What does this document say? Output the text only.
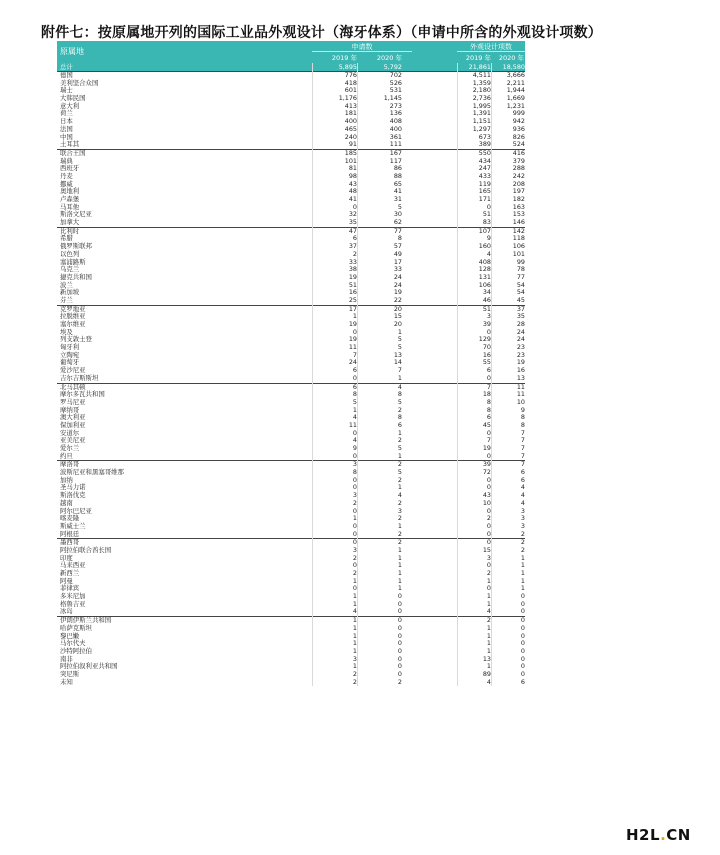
附件七：按原属地开列的国际工业品外观设计（海牙体系）（申请中所含的外观设计项数）
原属地	申请数	外观设计项数
2019 年	2020 年	2019 年	2020 年
总计	5,895	5,792	21,861	18,580
德国	776	702	4,511	3,666
美利坚合众国	418	526	1,359	2,211
瑞士	601	531	2,180	1,944
大韩民国	1,176	1,145	2,736	1,669
意大利	413	273	1,995	1,231
荷兰	181	136	1,391	999
日本	400	408	1,151	942
法国	465	400	1,297	936
中国	240	361	673	826
土耳其	91	111	389	524
联合王国	185	167	550	416
瑞典	101	117	434	379
西班牙	81	86	247	288
丹麦	98	88	433	242
挪威	43	65	119	208
奥地利	48	41	165	197
卢森堡	41	31	171	182
马耳他	0	5	0	163
斯洛文尼亚	32	30	51	153
加拿大	35	62	83	146
比利时	47	77	107	142
希腊	6	8	9	118
俄罗斯联邦	37	57	160	106
以色列	2	49	4	101
塞浦路斯	33	17	408	99
乌克兰	38	33	128	78
捷克共和国	19	24	131	77
波兰	51	24	106	54
新加坡	16	19	34	54
芬兰	25	22	46	45
克罗地亚	17	20	51	37
拉脱维亚	1	15	3	35
塞尔维亚	19	20	39	28
埃及	0	1	0	24
列支敦士登	19	5	129	24
匈牙利	11	5	70	23
立陶宛	7	13	16	23
葡萄牙	24	14	55	19
爱沙尼亚	6	7	6	16
吉尔吉斯斯坦	0	1	0	13
北马其顿	6	4	7	11
摩尔多瓦共和国	8	8	18	11
罗马尼亚	5	5	8	10
摩纳哥	1	2	8	9
澳大利亚	4	8	6	8
保加利亚	11	6	45	8
安道尔	0	1	0	7
亚美尼亚	4	2	7	7
爱尔兰	9	5	19	7
约旦	0	1	0	7
摩洛哥	3	2	39	7
波斯尼亚和黑塞哥维那	8	5	72	6
加纳	0	2	0	6
圣马力诺	0	1	0	4
斯洛伐克	3	4	43	4
越南	2	2	10	4
阿尔巴尼亚	0	3	0	3
喀麦隆	1	2	2	3
斯威士兰	0	1	0	3
阿根廷	0	2	0	2
墨西哥	0	2	0	2
阿拉伯联合酋长国	3	1	15	2
印度	2	1	3	1
马来西亚	0	1	0	1
新西兰	2	1	2	1
阿曼	1	1	1	1
菲律宾	0	1	0	1
多米尼加	1	0	1	0
格鲁吉亚	1	0	1	0
冰岛	4	0	4	0
伊朗伊斯兰共和国	1	0	2	0
哈萨克斯坦	1	0	1	0
黎巴嫩	1	0	1	0
马尔代夫	1	0	1	0
沙特阿拉伯	1	0	1	0
南非	3	0	13	0
阿拉伯叙利亚共和国	1	0	1	0
突尼斯	2	0	89	0
未知	2	2	4	6
H2L.CN
